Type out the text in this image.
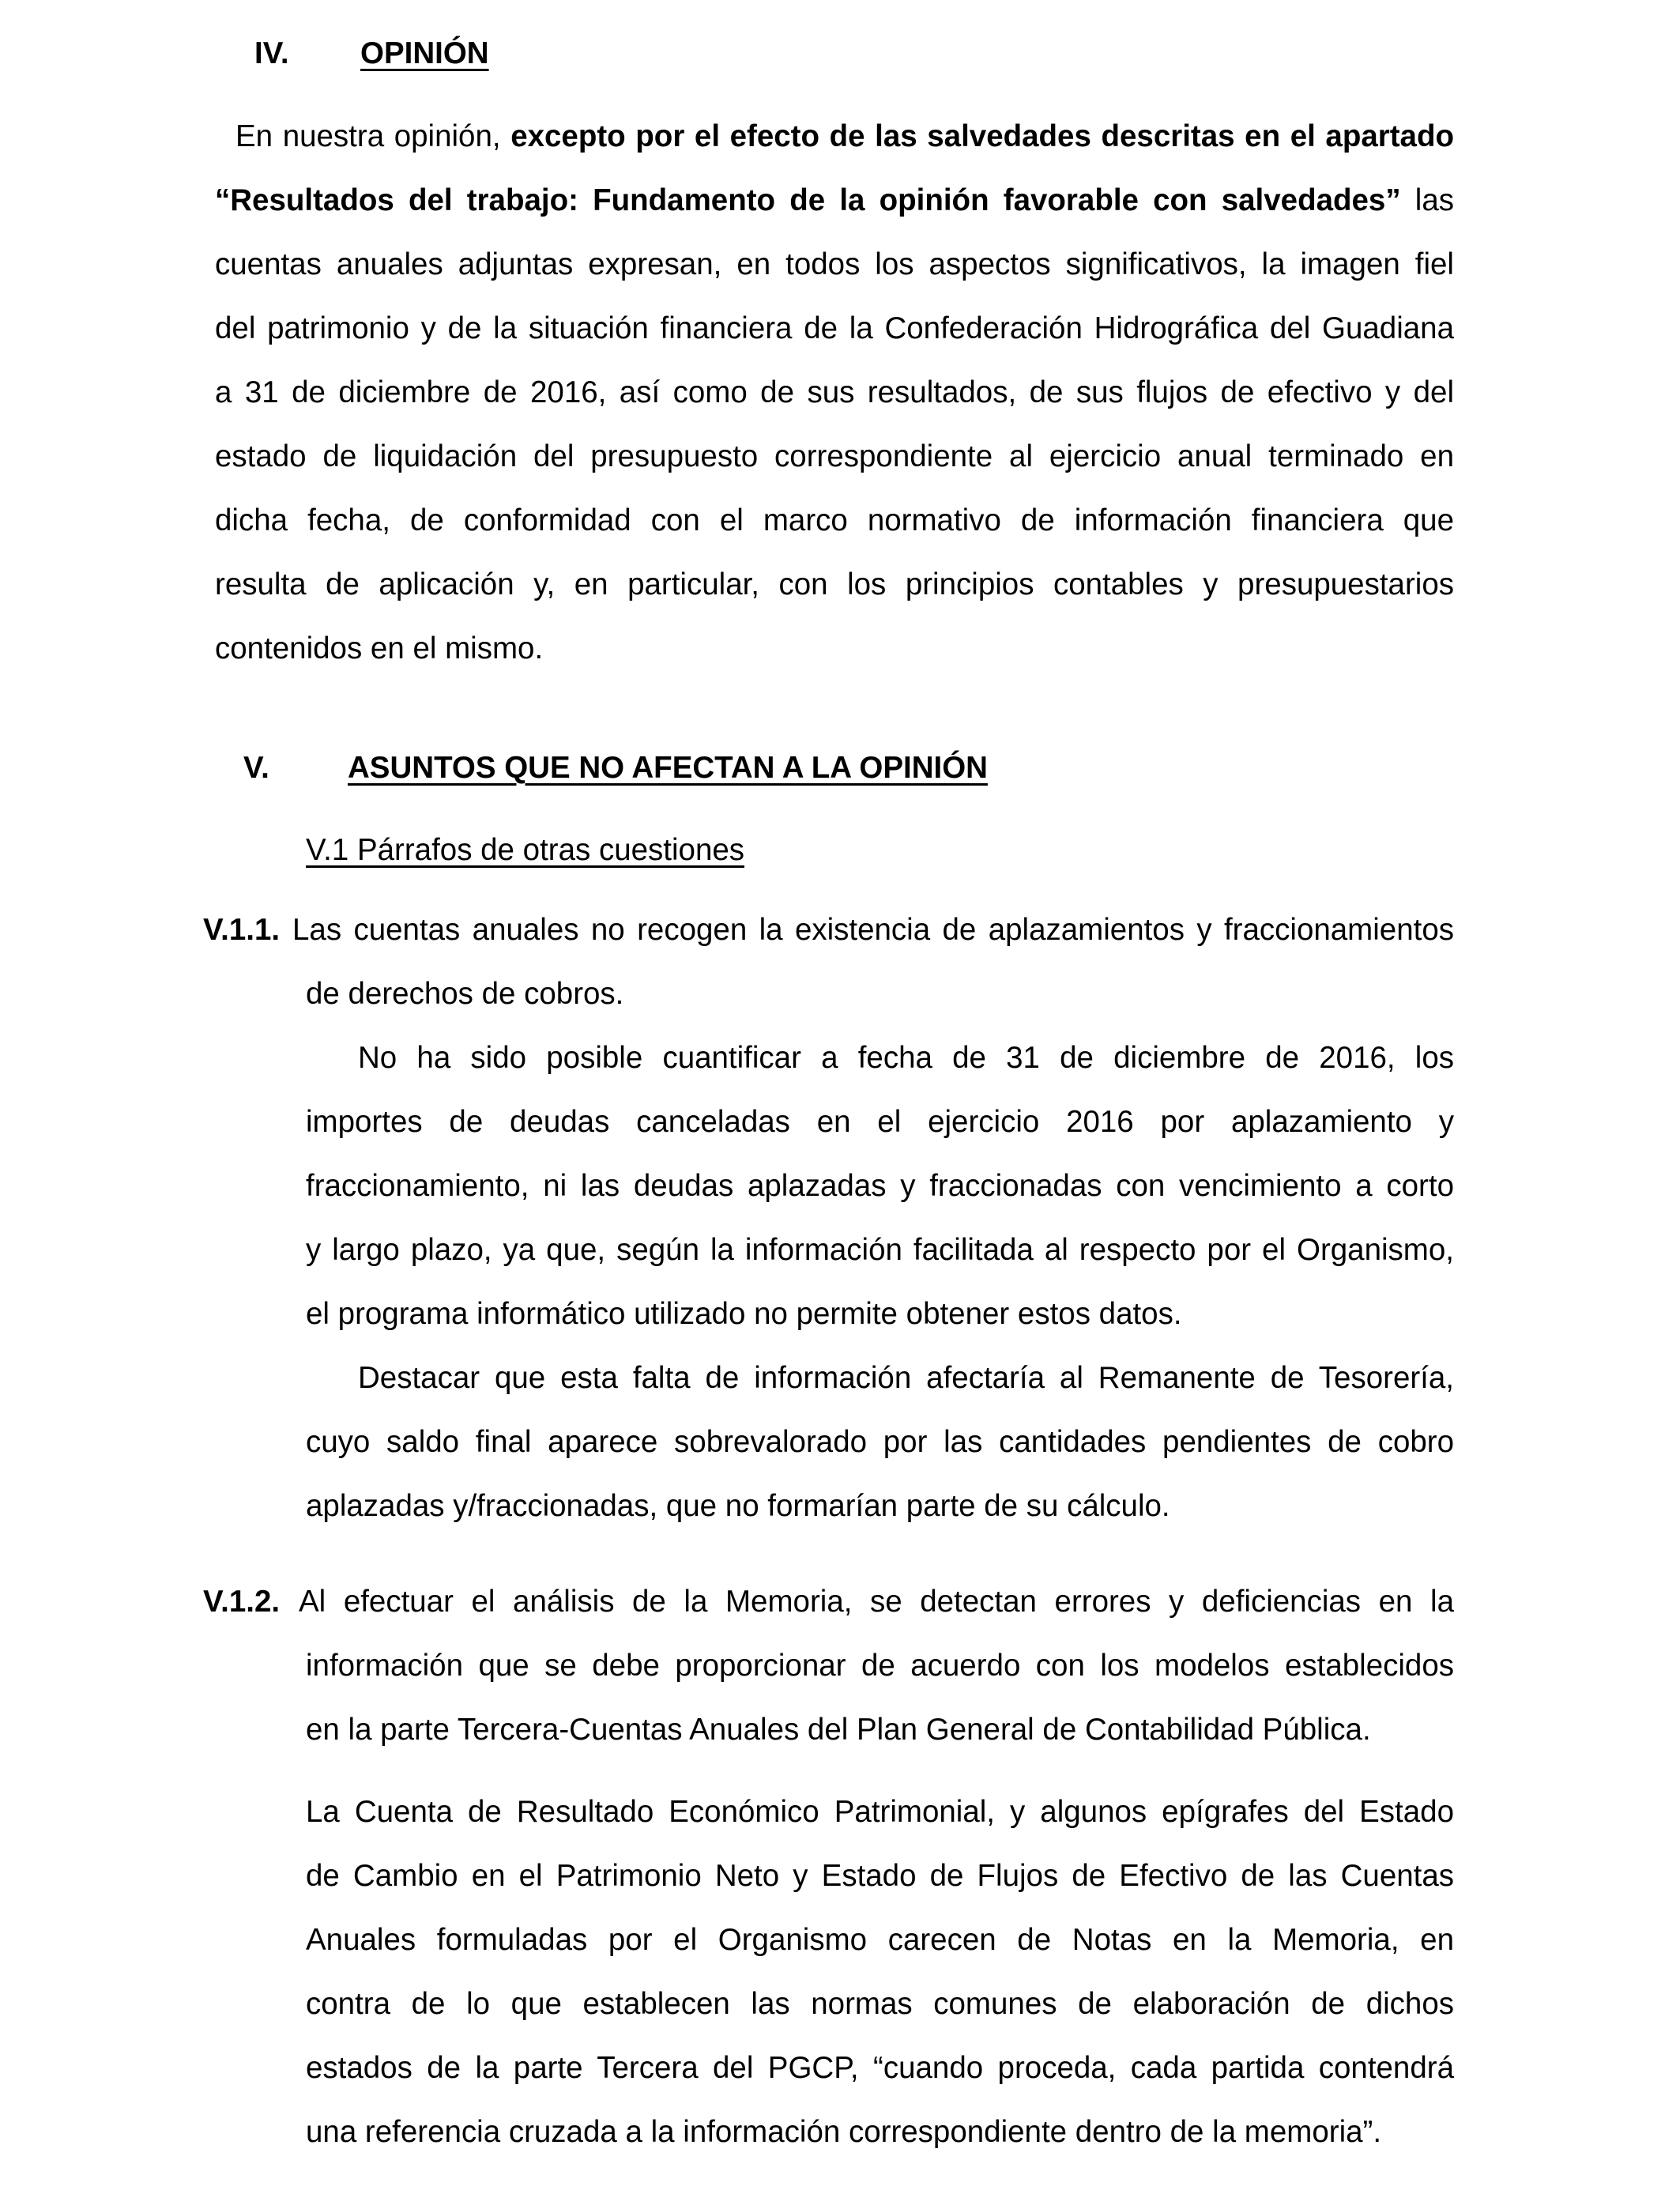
IV. OPINIÓN
En nuestra opinión, excepto por el efecto de las salvedades descritas en el apartado
“Resultados del trabajo: Fundamento de la opinión favorable con salvedades” las
cuentas anuales adjuntas expresan, en todos los aspectos significativos, la imagen fiel
del patrimonio y de la situación financiera de la Confederación Hidrográfica del Guadiana
a 31 de diciembre de 2016, así como de sus resultados, de sus flujos de efectivo y del
estado de liquidación del presupuesto correspondiente al ejercicio anual terminado en
dicha fecha, de conformidad con el marco normativo de información financiera que
resulta de aplicación y, en particular, con los principios contables y presupuestarios
contenidos en el mismo.
V.	ASUNTOS QUE NO AFECTAN A LA OPINIÓN
V.1 Párrafos de otras cuestiones
V.1.1. Las cuentas anuales no recogen la existencia de aplazamientos y fraccionamientos
de derechos de cobros.
No ha sido posible cuantificar a fecha de 31 de diciembre de 2016, los
importes de deudas canceladas en el ejercicio 2016 por aplazamiento y
fraccionamiento, ni las deudas aplazadas y fraccionadas con vencimiento a corto
y largo plazo, ya que, según la información facilitada al respecto por el Organismo,
el programa informático utilizado no permite obtener estos datos.
Destacar que esta falta de información afectaría al Remanente de Tesorería,
cuyo saldo final aparece sobrevalorado por las cantidades pendientes de cobro
aplazadas y/fraccionadas, que no formarían parte de su cálculo.
V.1.2. Al efectuar el análisis de la Memoria, se detectan errores y deficiencias en la
información que se debe proporcionar de acuerdo con los modelos establecidos
en la parte Tercera-Cuentas Anuales del Plan General de Contabilidad Pública.
La Cuenta de Resultado Económico Patrimonial, y algunos epígrafes del Estado
de Cambio en el Patrimonio Neto y Estado de Flujos de Efectivo de las Cuentas
Anuales formuladas por el Organismo carecen de Notas en la Memoria, en
contra de lo que establecen las normas comunes de elaboración de dichos
estados de la parte Tercera del PGCP, “cuando proceda, cada partida contendrá
una referencia cruzada a la información correspondiente dentro de la memoria”.
